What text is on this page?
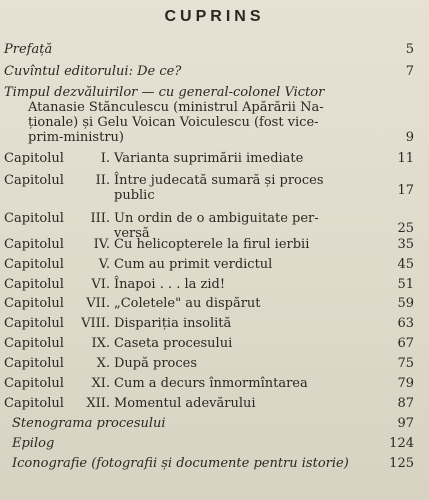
CUPRINS
Prefață	5
Cuvîntul editorului: De ce?	7
Timpul dezvăluirilor — cu general-colonel Victor
Atanasie Stănculescu (ministrul Apărării Na-
ționale) și Gelu Voican Voiculescu (fost vice-
prim-ministru)	9
Capitolul	I. Varianta suprimării imediate	11
Capitolul	II. Între judecată sumară și proces
public	17
Capitolul	III. Un ordin de o ambiguitate per-
versă	25
Capitolul	IV. Cu helicopterele la firul ierbii	35
Capitolul	V. Cum au primit verdictul	45
Capitolul	VI. Înapoi . . . la zid!	51
Capitolul	VII. „Coletele" au dispărut	59
Capitolul	VIII. Dispariția insolită	63
Capitolul	IX. Caseta procesului	67
Capitolul	X. După proces	75
Capitolul	XI. Cum a decurs înmormîntarea	79
Capitolul	XII. Momentul adevărului	87
Stenograma procesului	97
Epilog	124
Iconografie (fotografii și documente pentru istorie)	125
